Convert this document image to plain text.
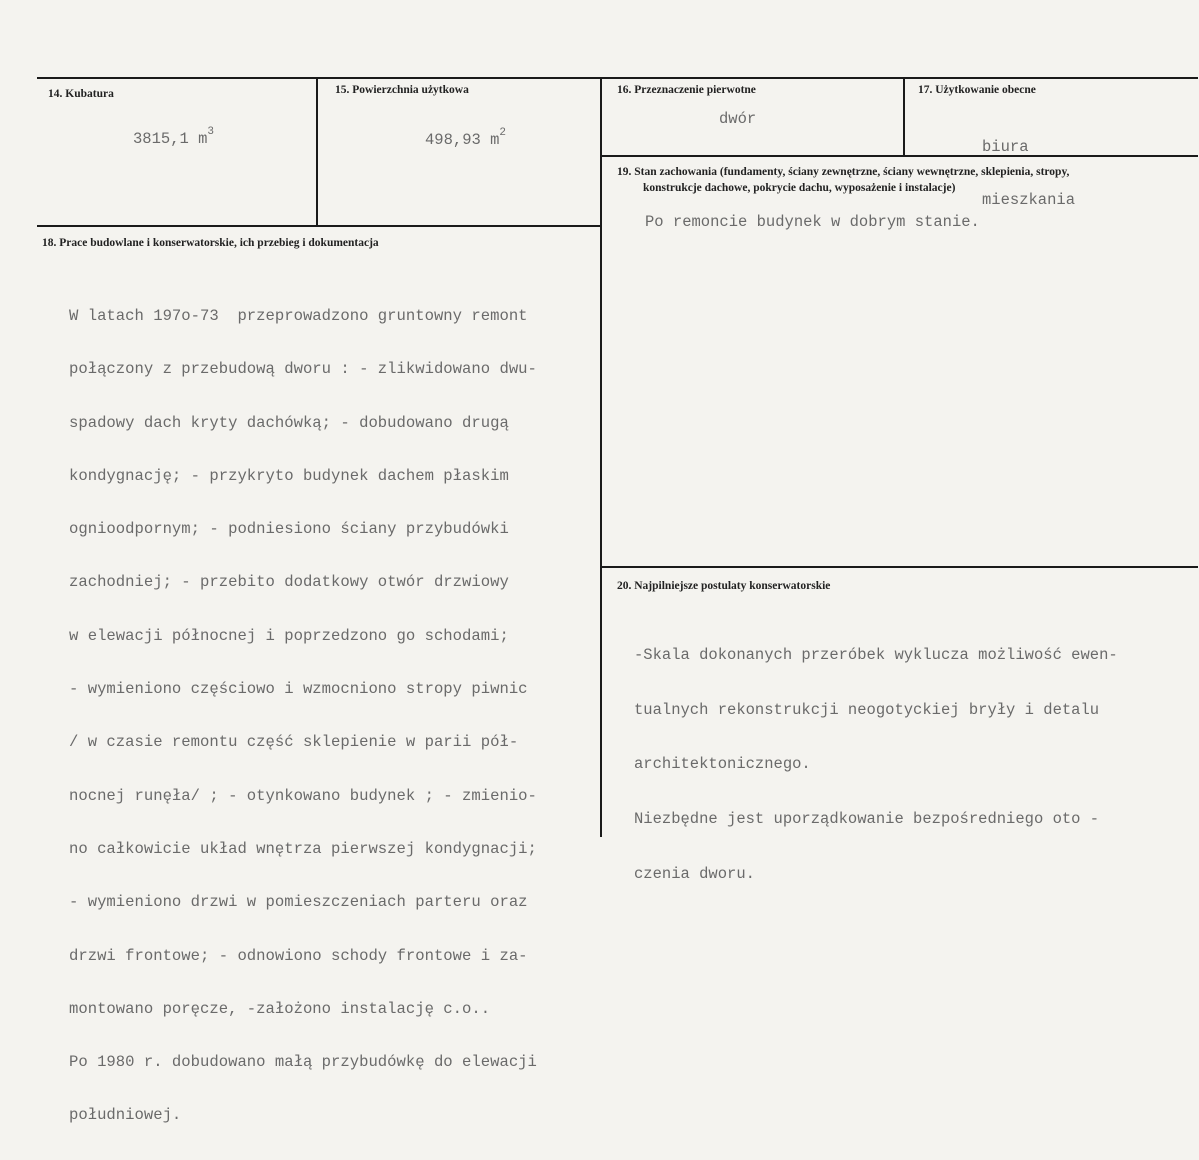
14. Kubatura
3815,1 $m^3$
15. Powierzchnia użytkowa
498,93 $m^2$
16. Przeznaczenie pierwotne
dwór
17. Użytkowanie obecne

biura

mieszkania

19. Stan zachowania (fundamenty, ściany zewnętrzne, ściany wewnętrzne, sklepienia, stropy,
konstrukcje dachowe, pokrycie dachu, wyposażenie i instalacje)
Po remoncie budynek w dobrym stanie.
18. Prace budowlane i konserwatorskie, ich przebieg i dokumentacja

W latach 197o-73  przeprowadzono gruntowny remont

połączony z przebudową dworu : - zlikwidowano dwu-

spadowy dach kryty dachówką; - dobudowano drugą

kondygnację; - przykryto budynek dachem płaskim

ognioodpornym; - podniesiono ściany przybudówki

zachodniej; - przebito dodatkowy otwór drzwiowy

w elewacji północnej i poprzedzono go schodami;

- wymieniono częściowo i wzmocniono stropy piwnic

/ w czasie remontu część sklepienie w parii pół-

nocnej runęła/ ; - otynkowano budynek ; - zmienio-

no całkowicie układ wnętrza pierwszej kondygnacji;

- wymieniono drzwi w pomieszczeniach parteru oraz

drzwi frontowe; - odnowiono schody frontowe i za-

montowano poręcze, -założono instalację c.o..

Po 1980 r. dobudowano małą przybudówkę do elewacji

południowej.

20. Najpilniejsze postulaty konserwatorskie

-Skala dokonanych przeróbek wyklucza możliwość ewen-

tualnych rekonstrukcji neogotyckiej bryły i detalu

architektonicznego.

Niezbędne jest uporządkowanie bezpośredniego oto -

czenia dworu.
